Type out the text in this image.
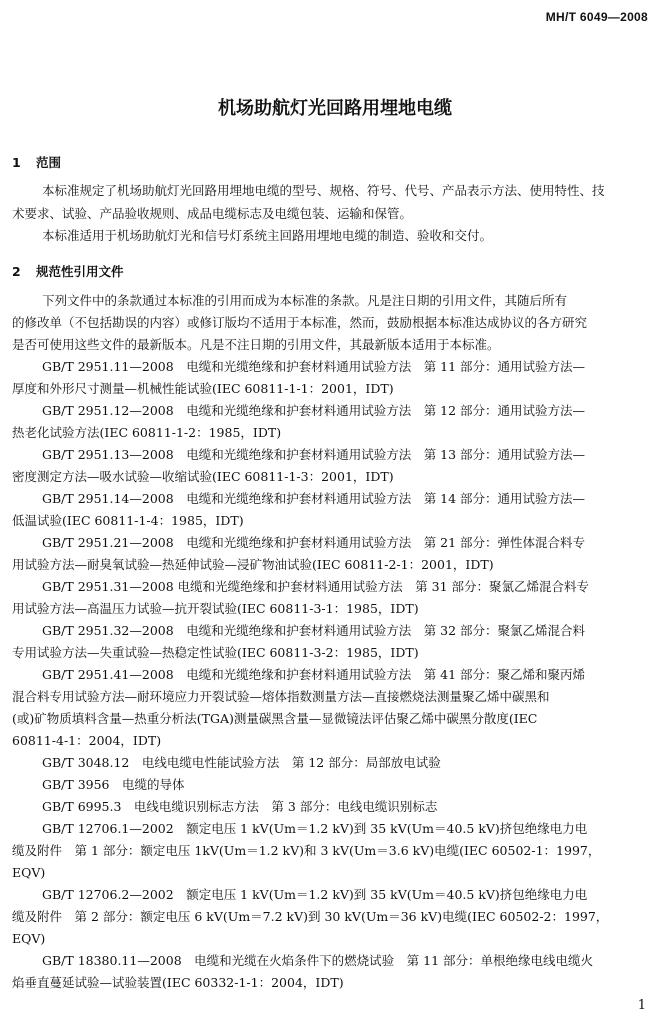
MH/T 6049—2008
机场助航灯光回路用埋地电缆
1 范围
本标准规定了机场助航灯光回路用埋地电缆的型号、规格、符号、代号、产品表示方法、使用特性、技
术要求、试验、产品验收规则、成品电缆标志及电缆包装、运输和保管。
本标准适用于机场助航灯光和信号灯系统主回路用埋地电缆的制造、验收和交付。
2 规范性引用文件
下列文件中的条款通过本标准的引用而成为本标准的条款。凡是注日期的引用文件，其随后所有
的修改单（不包括勘误的内容）或修订版均不适用于本标准，然而，鼓励根据本标准达成协议的各方研究
是否可使用这些文件的最新版本。凡是不注日期的引用文件，其最新版本适用于本标准。
GB/T 2951.11—2008　电缆和光缆绝缘和护套材料通用试验方法　第 11 部分：通用试验方法—
厚度和外形尺寸测量—机械性能试验(IEC 60811-1-1：2001，IDT)
GB/T 2951.12—2008　电缆和光缆绝缘和护套材料通用试验方法　第 12 部分：通用试验方法—
热老化试验方法(IEC 60811-1-2：1985，IDT)
GB/T 2951.13—2008　电缆和光缆绝缘和护套材料通用试验方法　第 13 部分：通用试验方法—
密度测定方法—吸水试验—收缩试验(IEC 60811-1-3：2001，IDT)
GB/T 2951.14—2008　电缆和光缆绝缘和护套材料通用试验方法　第 14 部分：通用试验方法—
低温试验(IEC 60811-1-4：1985，IDT)
GB/T 2951.21—2008　电缆和光缆绝缘和护套材料通用试验方法　第 21 部分：弹性体混合料专
用试验方法—耐臭氧试验—热延伸试验—浸矿物油试验(IEC 60811-2-1：2001，IDT)
GB/T 2951.31—2008 电缆和光缆绝缘和护套材料通用试验方法　第 31 部分：聚氯乙烯混合料专
用试验方法—高温压力试验—抗开裂试验(IEC 60811-3-1：1985，IDT)
GB/T 2951.32—2008　电缆和光缆绝缘和护套材料通用试验方法　第 32 部分：聚氯乙烯混合料
专用试验方法—失重试验—热稳定性试验(IEC 60811-3-2：1985，IDT)
GB/T 2951.41—2008　电缆和光缆绝缘和护套材料通用试验方法　第 41 部分：聚乙烯和聚丙烯
混合料专用试验方法—耐环境应力开裂试验—熔体指数测量方法—直接燃烧法测量聚乙烯中碳黑和
(或)矿物质填料含量—热重分析法(TGA)测量碳黑含量—显微镜法评估聚乙烯中碳黑分散度(IEC
60811-4-1：2004，IDT)
GB/T 3048.12　电线电缆电性能试验方法　第 12 部分：局部放电试验
GB/T 3956　电缆的导体
GB/T 6995.3　电线电缆识别标志方法　第 3 部分：电线电缆识别标志
GB/T 12706.1—2002　额定电压 1 kV(Um＝1.2 kV)到 35 kV(Um＝40.5 kV)挤包绝缘电力电
缆及附件　第 1 部分：额定电压 1kV(Um＝1.2 kV)和 3 kV(Um＝3.6 kV)电缆(IEC 60502-1：1997，
EQV)
GB/T 12706.2—2002　额定电压 1 kV(Um＝1.2 kV)到 35 kV(Um＝40.5 kV)挤包绝缘电力电
缆及附件　第 2 部分：额定电压 6 kV(Um＝7.2 kV)到 30 kV(Um＝36 kV)电缆(IEC 60502-2：1997，
EQV)
GB/T 18380.11—2008　电缆和光缆在火焰条件下的燃烧试验　第 11 部分：单根绝缘电线电缆火
焰垂直蔓延试验—试验装置(IEC 60332-1-1：2004，IDT)
1
